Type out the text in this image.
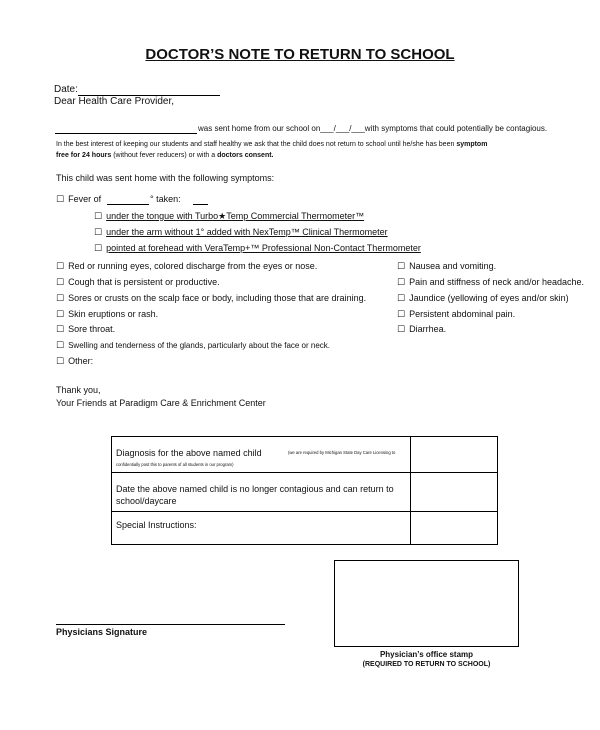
DOCTOR’S NOTE TO RETURN TO SCHOOL
Date:
Dear Health Care Provider,
was sent home from our school on___/___/___with symptoms that could potentially be contagious.
In the best interest of keeping our students and staff healthy we ask that the child does not return to school until he/she has been symptom
free for 24 hours (without fever reducers) or with a doctors consent.
This child was sent home with the following symptoms:
☐ Fever of	° taken:
☐ under the tongue with Turbo★Temp Commercial Thermometer™
☐ under the arm without 1° added with NexTemp™ Clinical Thermometer
☐ pointed at forehead with VeraTemp+™ Professional Non-Contact Thermometer
☐ Red or running eyes, colored discharge from the eyes or nose.
☐ Cough that is persistent or productive.
☐ Sores or crusts on the scalp face or body, including those that are draining.
☐ Skin eruptions or rash.
☐ Sore throat.
☐ Swelling and tenderness of the glands, particularly about the face or neck.
☐ Other:
☐ Nausea and vomiting.
☐ Pain and stiffness of neck and/or headache.
☐ Jaundice (yellowing of eyes and/or skin)
☐ Persistent abdominal pain.
☐ Diarrhea.
Thank you,
Your Friends at Paradigm Care & Enrichment Center
Diagnosis for the above named child	(we are required by Michigan State Day Care Licensing to
confidentially post this to parents of all students in our program)
Date the above named child is no longer contagious and can return to
school/daycare
Special Instructions:
Physician’s office stamp
(REQUIRED TO RETURN TO SCHOOL)
Physicians Signature
